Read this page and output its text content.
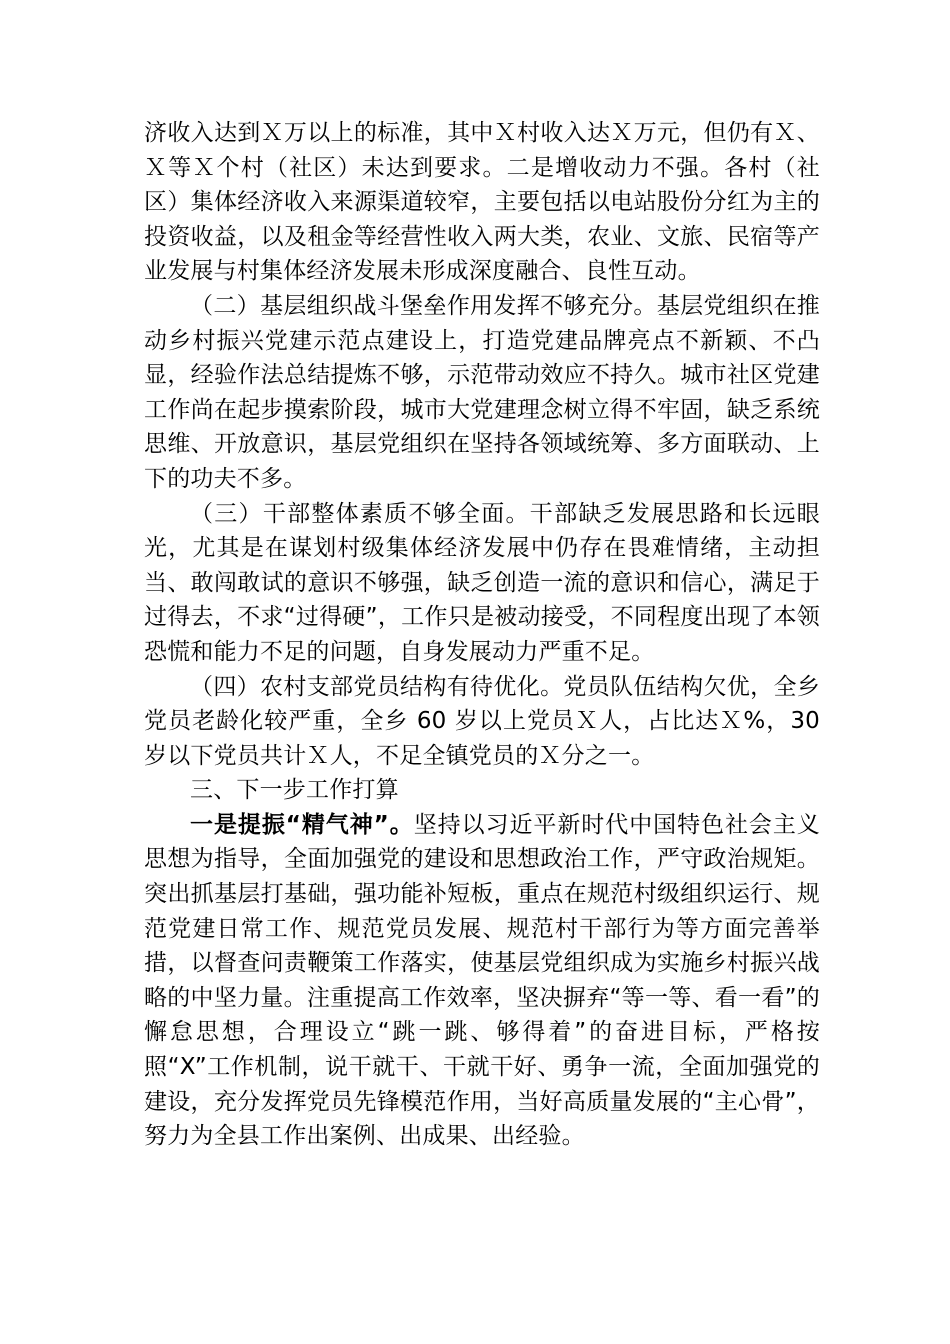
济收入达到Ｘ万以上的标准，其中Ｘ村收入达Ｘ万元，但仍有Ｘ、Ｘ等Ｘ个村（社区）未达到要求。二是增收动力不强。各村（社区）集体经济收入来源渠道较窄，主要包括以电站股份分红为主的投资收益，以及租金等经营性收入两大类，农业、文旅、民宿等产业发展与村集体经济发展未形成深度融合、良性互动。

（二）基层组织战斗堡垒作用发挥不够充分。基层党组织在推动乡村振兴党建示范点建设上，打造党建品牌亮点不新颖、不凸显，经验作法总结提炼不够，示范带动效应不持久。城市社区党建工作尚在起步摸索阶段，城市大党建理念树立得不牢固，缺乏系统思维、开放意识，基层党组织在坚持各领域统筹、多方面联动、上下的功夫不多。

（三）干部整体素质不够全面。干部缺乏发展思路和长远眼光，尤其是在谋划村级集体经济发展中仍存在畏难情绪，主动担当、敢闯敢试的意识不够强，缺乏创造一流的意识和信心，满足于过得去，不求“过得硬”，工作只是被动接受，不同程度出现了本领恐慌和能力不足的问题，自身发展动力严重不足。

（四）农村支部党员结构有待优化。党员队伍结构欠优，全乡党员老龄化较严重，全乡 60 岁以上党员Ｘ人，占比达Ｘ%，30 岁以下党员共计Ｘ人，不足全镇党员的Ｘ分之一。

三、下一步工作打算

一是提振“精气神”。坚持以习近平新时代中国特色社会主义思想为指导，全面加强党的建设和思想政治工作，严守政治规矩。突出抓基层打基础，强功能补短板，重点在规范村级组织运行、规范党建日常工作、规范党员发展、规范村干部行为等方面完善举措，以督查问责鞭策工作落实，使基层党组织成为实施乡村振兴战略的中坚力量。注重提高工作效率，坚决摒弃“等一等、看一看”的懈怠思想，合理设立“跳一跳、够得着”的奋进目标，严格按照“X”工作机制，说干就干、干就干好、勇争一流，全面加强党的建设，充分发挥党员先锋模范作用，当好高质量发展的“主心骨”，努力为全县工作出案例、出成果、出经验。
